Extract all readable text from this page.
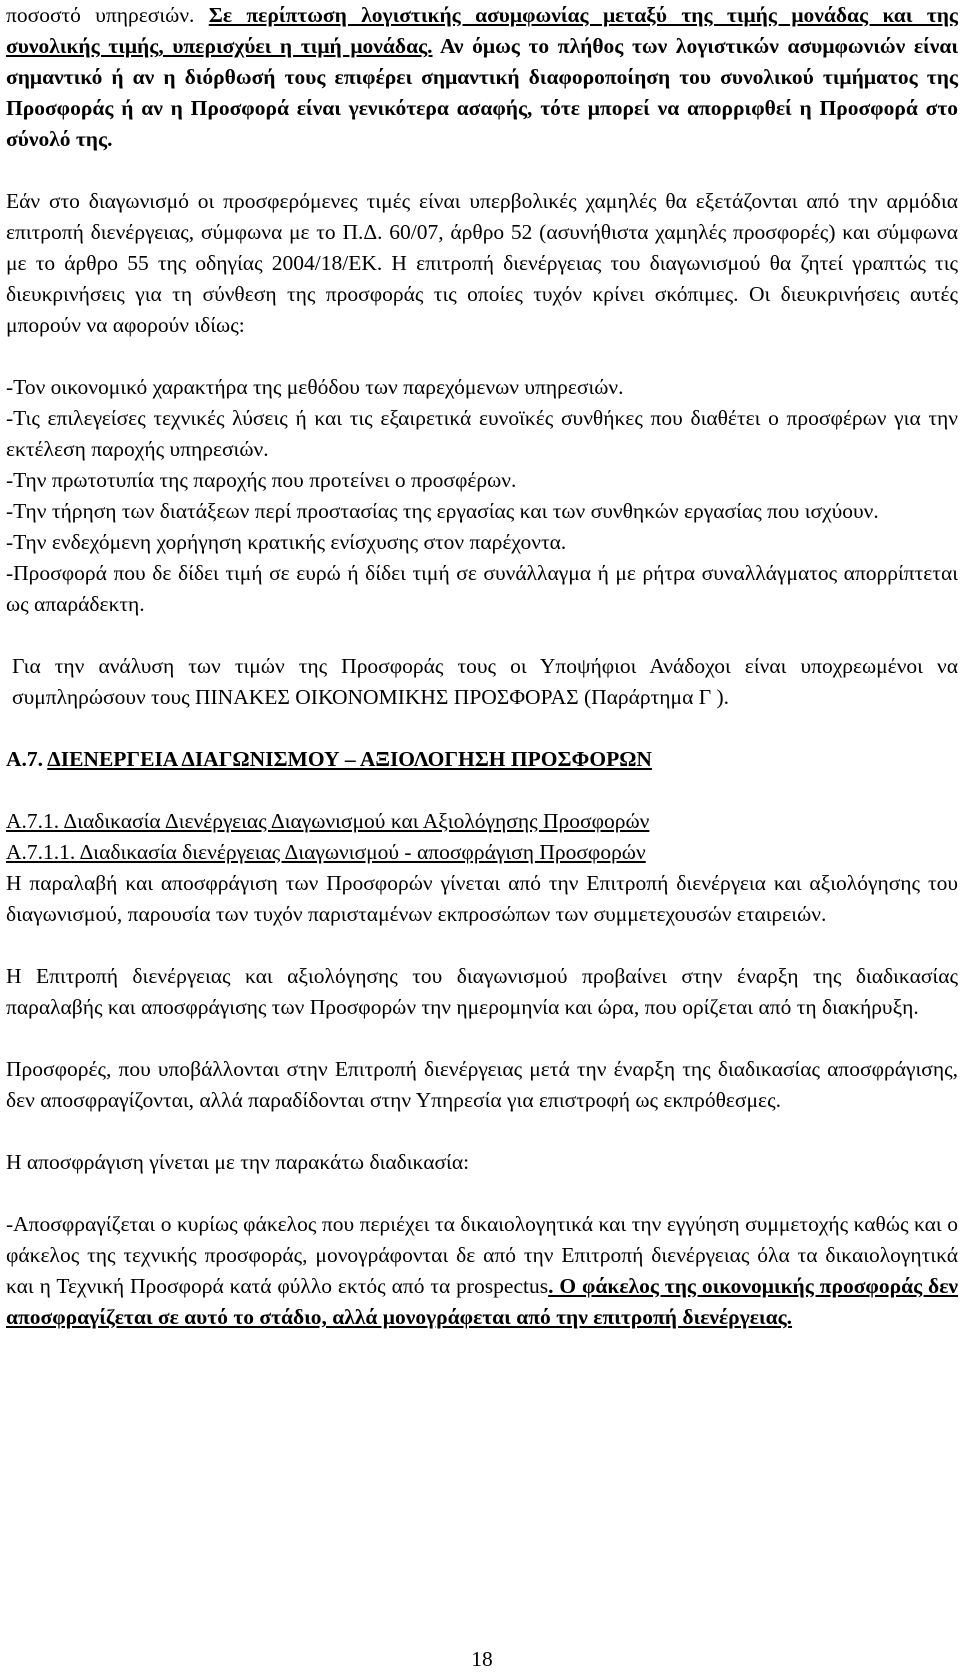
ποσοστό υπηρεσιών. Σε περίπτωση λογιστικής ασυμφωνίας μεταξύ της τιμής μονάδας και της συνολικής τιμής, υπερισχύει η τιμή μονάδας. Αν όμως το πλήθος των λογιστικών ασυμφωνιών είναι σημαντικό ή αν η διόρθωσή τους επιφέρει σημαντική διαφοροποίηση του συνολικού τιμήματος της Προσφοράς ή αν η Προσφορά είναι γενικότερα ασαφής, τότε μπορεί να απορριφθεί η Προσφορά στο σύνολό της.

Εάν στο διαγωνισμό οι προσφερόμενες τιμές είναι υπερβολικές χαμηλές θα εξετάζονται από την αρμόδια επιτροπή διενέργειας, σύμφωνα με το Π.Δ. 60/07, άρθρο 52 (ασυνήθιστα χαμηλές προσφορές) και σύμφωνα με το άρθρο 55 της οδηγίας 2004/18/ΕΚ. Η επιτροπή διενέργειας του διαγωνισμού θα ζητεί γραπτώς τις διευκρινήσεις για τη σύνθεση της προσφοράς τις οποίες τυχόν κρίνει σκόπιμες. Οι διευκρινήσεις αυτές μπορούν να αφορούν ιδίως:

-Τον οικονομικό χαρακτήρα της μεθόδου των παρεχόμενων υπηρεσιών.

-Τις επιλεγείσες τεχνικές λύσεις ή και τις εξαιρετικά ευνοϊκές συνθήκες που διαθέτει ο προσφέρων για την εκτέλεση παροχής υπηρεσιών.

-Την πρωτοτυπία της παροχής που προτείνει ο προσφέρων.

-Την τήρηση των διατάξεων περί προστασίας της εργασίας και των συνθηκών εργασίας που ισχύουν.

-Την ενδεχόμενη χορήγηση κρατικής ενίσχυσης στον παρέχοντα.

-Προσφορά που δε δίδει τιμή σε ευρώ ή δίδει τιμή σε συνάλλαγμα ή με ρήτρα συναλλάγματος απορρίπτεται ως απαράδεκτη.

Για την ανάλυση των τιμών της Προσφοράς τους οι Υποψήφιοι Ανάδοχοι είναι υποχρεωμένοι να συμπληρώσουν τους ΠΙΝΑΚΕΣ ΟΙΚΟΝΟΜΙΚΗΣ ΠΡΟΣΦΟΡΑΣ (Παράρτημα Γ ).

Α.7. ΔΙΕΝΕΡΓΕΙΑ ΔΙΑΓΩΝΙΣΜΟΥ – ΑΞΙΟΛΟΓΗΣΗ ΠΡΟΣΦΟΡΩΝ

Α.7.1. Διαδικασία Διενέργειας Διαγωνισμού και Αξιολόγησης Προσφορών

Α.7.1.1. Διαδικασία διενέργειας Διαγωνισμού - αποσφράγιση Προσφορών

Η παραλαβή και αποσφράγιση των Προσφορών γίνεται από την Επιτροπή διενέργεια και αξιολόγησης του διαγωνισμού, παρουσία των τυχόν παρισταμένων εκπροσώπων των συμμετεχουσών εταιρειών.

Η Επιτροπή διενέργειας και αξιολόγησης του διαγωνισμού προβαίνει στην έναρξη της διαδικασίας παραλαβής και αποσφράγισης των Προσφορών την ημερομηνία και ώρα, που ορίζεται από τη διακήρυξη.

Προσφορές, που υποβάλλονται στην Επιτροπή διενέργειας μετά την έναρξη της διαδικασίας αποσφράγισης, δεν αποσφραγίζονται, αλλά παραδίδονται στην Υπηρεσία για επιστροφή ως εκπρόθεσμες.

Η αποσφράγιση γίνεται με την παρακάτω διαδικασία:

-Αποσφραγίζεται ο κυρίως φάκελος που περιέχει τα δικαιολογητικά και την εγγύηση συμμετοχής καθώς και ο φάκελος της τεχνικής προσφοράς, μονογράφονται δε από την Επιτροπή διενέργειας όλα τα δικαιολογητικά και η Τεχνική Προσφορά κατά φύλλο εκτός από τα prospectus. Ο φάκελος της οικονομικής προσφοράς δεν αποσφραγίζεται σε αυτό το στάδιο, αλλά μονογράφεται από την επιτροπή διενέργειας.

18
